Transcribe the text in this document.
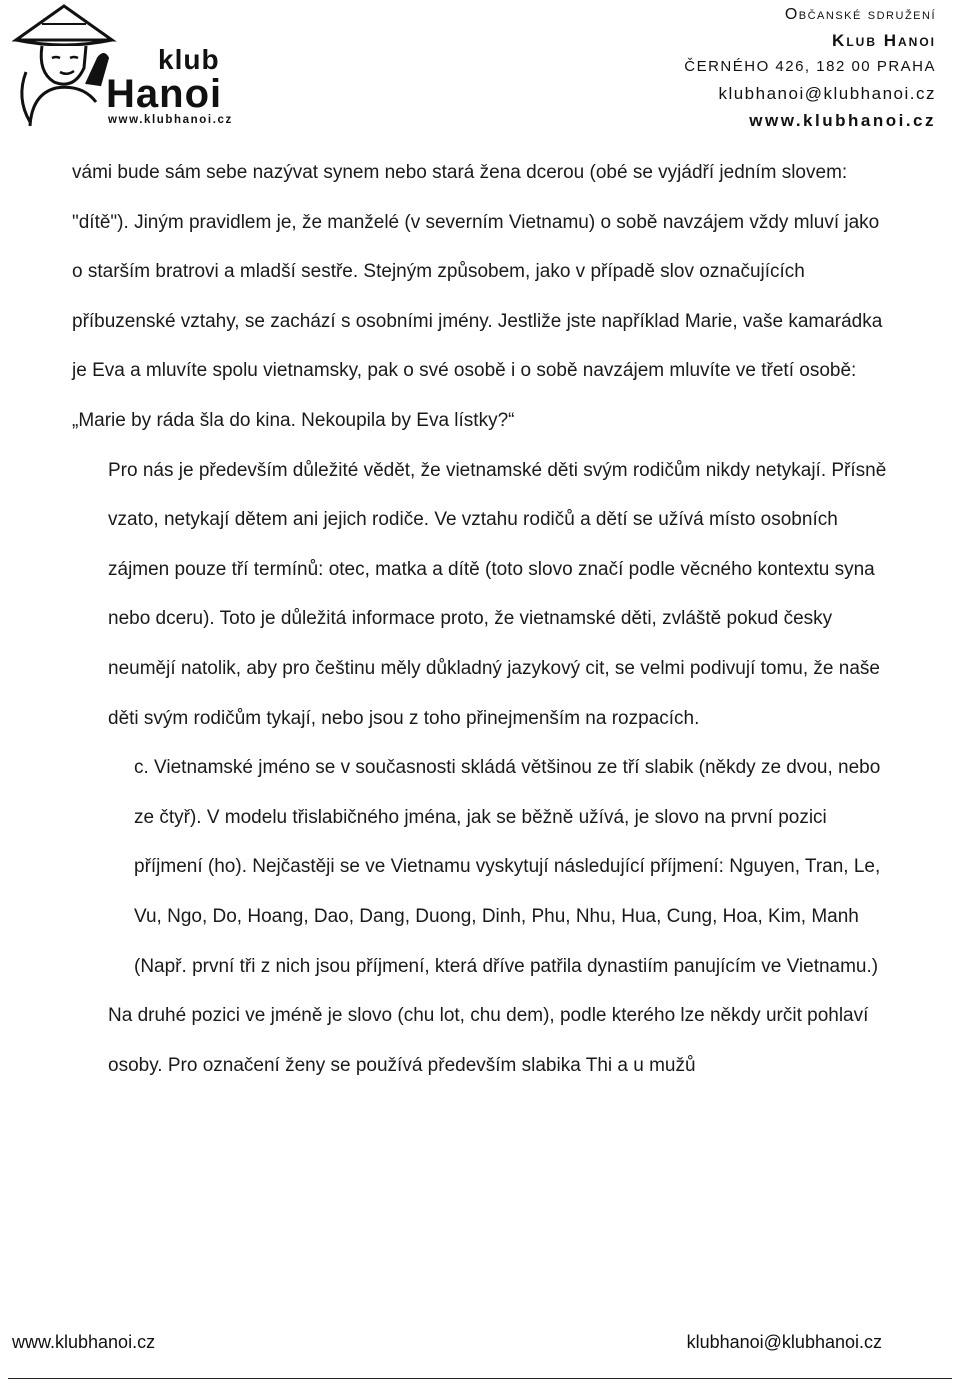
klub
Hanoi
www.klubhanoi.cz
Občanské sdružení
Klub Hanoi
ČERNÉHO 426, 182 00 PRAHA
klubhanoi@klubhanoi.cz
www.klubhanoi.cz

vámi bude sám sebe nazývat synem nebo stará žena dcerou (obé se vyjádří jedním slovem: "dítě"). Jiným pravidlem je, že manželé (v severním Vietnamu) o sobě navzájem vždy mluví jako o starším bratrovi a mladší sestře. Stejným způsobem, jako v případě slov označujících příbuzenské vztahy, se zachází s osobními jmény. Jestliže jste například Marie, vaše kamarádka je Eva a mluvíte spolu vietnamsky, pak o své osobě i o sobě navzájem mluvíte ve třetí osobě: „Marie by ráda šla do kina. Nekoupila by Eva lístky?“

Pro nás je především důležité vědět, že vietnamské děti svým rodičům nikdy netykají. Přísně vzato, netykají dětem ani jejich rodiče. Ve vztahu rodičů a dětí se užívá místo osobních zájmen pouze tří termínů: otec, matka a dítě (toto slovo značí podle věcného kontextu syna nebo dceru). Toto je důležitá informace proto, že vietnamské děti, zvláště pokud česky neumějí natolik, aby pro češtinu měly důkladný jazykový cit, se velmi podivují tomu, že naše děti svým rodičům tykají, nebo jsou z toho přinejmenším na rozpacích.

c. Vietnamské jméno se v současnosti skládá většinou ze tří slabik (někdy ze dvou, nebo ze čtyř). V modelu třislabičného jména, jak se běžně užívá, je slovo na první pozici příjmení (ho). Nejčastěji se ve Vietnamu vyskytují následující příjmení: Nguyen, Tran, Le, Vu, Ngo, Do, Hoang, Dao, Dang, Duong, Dinh, Phu, Nhu, Hua, Cung, Hoa, Kim, Manh (Např. první tři z nich jsou příjmení, která dříve patřila dynastiím panujícím ve Vietnamu.)

Na druhé pozici ve jméně je slovo (chu lot, chu dem), podle kterého lze někdy určit pohlaví osoby. Pro označení ženy se používá především slabika Thi a u mužů

www.klubhanoi.cz	klubhanoi@klubhanoi.cz
